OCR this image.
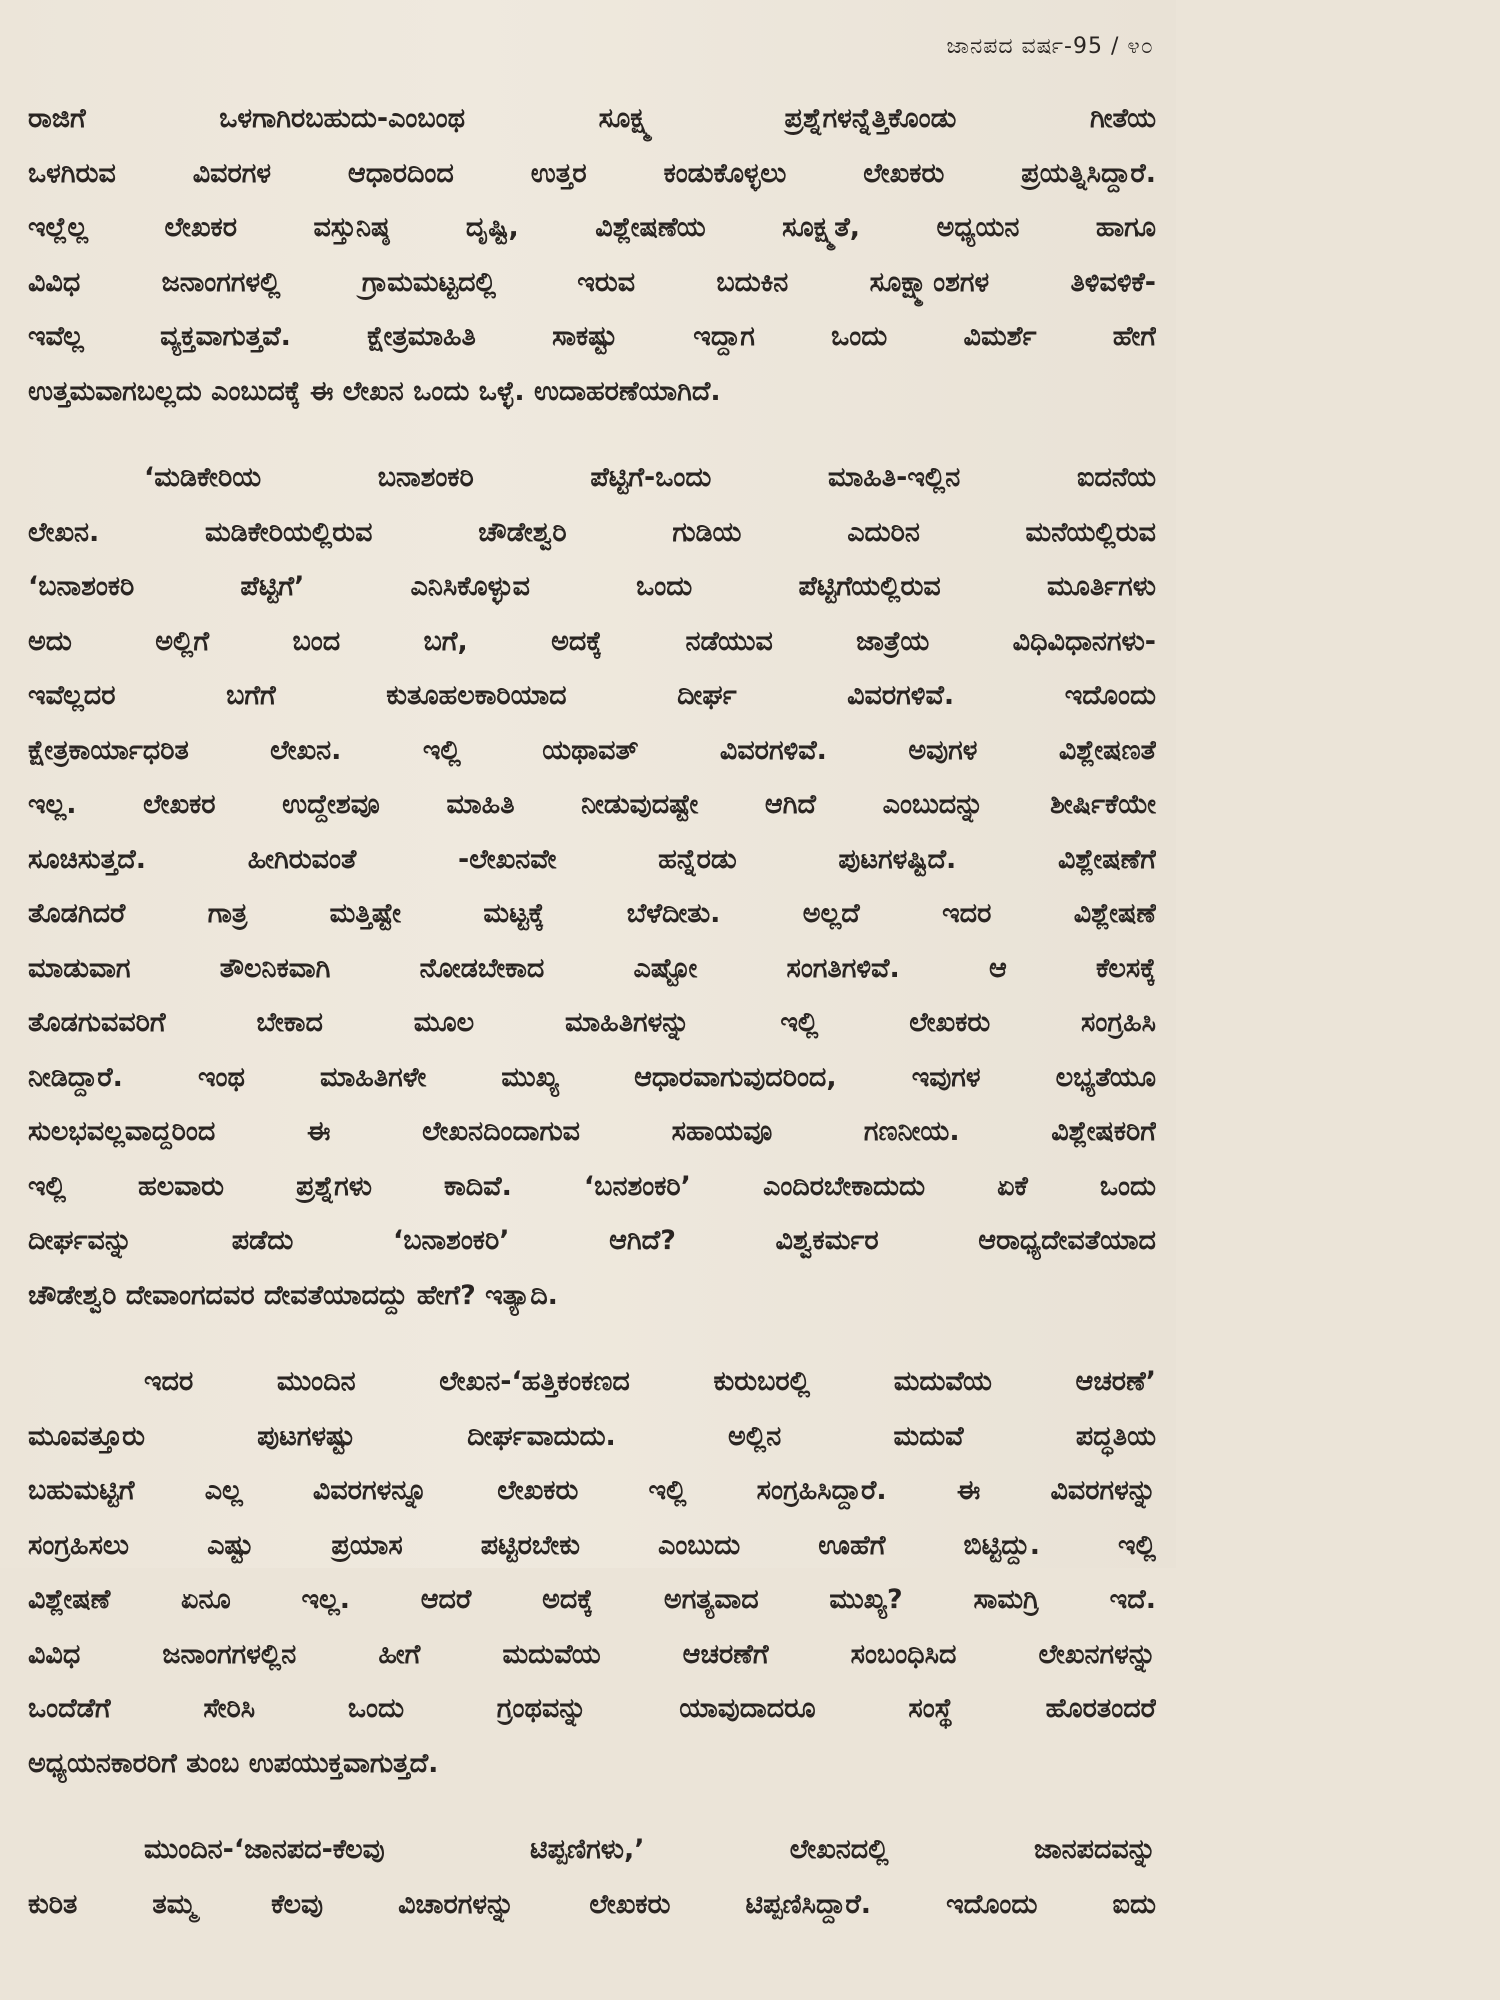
ಜಾನಪದ ವರ್ಷ-95 / ೪೦
ರಾಜಿಗೆ ಒಳಗಾಗಿರಬಹುದು-ಎಂಬಂಥ ಸೂಕ್ಷ್ಮ ಪ್ರಶ್ನೆಗಳನ್ನೆತ್ತಿಕೊಂಡು ಗೀತೆಯ
ಒಳಗಿರುವ ವಿವರಗಳ ಆಧಾರದಿಂದ ಉತ್ತರ ಕಂಡುಕೊಳ್ಳಲು ಲೇಖಕರು ಪ್ರಯತ್ನಿಸಿದ್ದಾರೆ.
ಇಲ್ಲೆಲ್ಲ ಲೇಖಕರ ವಸ್ತುನಿಷ್ಠ ದೃಷ್ಟಿ, ವಿಶ್ಲೇಷಣೆಯ ಸೂಕ್ಷ್ಮತೆ, ಅಧ್ಯಯನ ಹಾಗೂ
ವಿವಿಧ ಜನಾಂಗಗಳಲ್ಲಿ ಗ್ರಾಮಮಟ್ಟದಲ್ಲಿ ಇರುವ ಬದುಕಿನ ಸೂಕ್ಷ್ಮಾಂಶಗಳ ತಿಳಿವಳಿಕೆ-
ಇವೆಲ್ಲ ವ್ಯಕ್ತವಾಗುತ್ತವೆ. ಕ್ಷೇತ್ರಮಾಹಿತಿ ಸಾಕಷ್ಟು ಇದ್ದಾಗ ಒಂದು ವಿಮರ್ಶೆ ಹೇಗೆ
ಉತ್ತಮವಾಗಬಲ್ಲದು ಎಂಬುದಕ್ಕೆ ಈ ಲೇಖನ ಒಂದು ಒಳ್ಳೆ. ಉದಾಹರಣೆಯಾಗಿದೆ.
‘ಮಡಿಕೇರಿಯ ಬನಾಶಂಕರಿ ಪೆಟ್ಟಿಗೆ-ಒಂದು ಮಾಹಿತಿ-ಇಲ್ಲಿನ ಐದನೆಯ
ಲೇಖನ. ಮಡಿಕೇರಿಯಲ್ಲಿರುವ ಚೌಡೇಶ್ವರಿ ಗುಡಿಯ ಎದುರಿನ ಮನೆಯಲ್ಲಿರುವ
‘ಬನಾಶಂಕರಿ ಪೆಟ್ಟಿಗೆ’ ಎನಿಸಿಕೊಳ್ಳುವ ಒಂದು ಪೆಟ್ಟಿಗೆಯಲ್ಲಿರುವ ಮೂರ್ತಿಗಳು
ಅದು ಅಲ್ಲಿಗೆ ಬಂದ ಬಗೆ, ಅದಕ್ಕೆ ನಡೆಯುವ ಜಾತ್ರೆಯ ವಿಧಿವಿಧಾನಗಳು-
ಇವೆಲ್ಲದರ ಬಗೆಗೆ ಕುತೂಹಲಕಾರಿಯಾದ ದೀರ್ಘ ವಿವರಗಳಿವೆ. ಇದೊಂದು
ಕ್ಷೇತ್ರಕಾರ್ಯಾಧರಿತ ಲೇಖನ. ಇಲ್ಲಿ ಯಥಾವತ್ ವಿವರಗಳಿವೆ. ಅವುಗಳ ವಿಶ್ಲೇಷಣತೆ
ಇಲ್ಲ. ಲೇಖಕರ ಉದ್ದೇಶವೂ ಮಾಹಿತಿ ನೀಡುವುದಷ್ಟೇ ಆಗಿದೆ ಎಂಬುದನ್ನು ಶೀರ್ಷಿಕೆಯೇ
ಸೂಚಿಸುತ್ತದೆ. ಹೀಗಿರುವಂತೆ -ಲೇಖನವೇ ಹನ್ನೆರಡು ಪುಟಗಳಷ್ಟಿದೆ. ವಿಶ್ಲೇಷಣೆಗೆ
ತೊಡಗಿದರೆ ಗಾತ್ರ ಮತ್ತಿಷ್ಟೇ ಮಟ್ಟಕ್ಕೆ ಬೆಳೆದೀತು. ಅಲ್ಲದೆ ಇದರ ವಿಶ್ಲೇಷಣೆ
ಮಾಡುವಾಗ ತೌಲನಿಕವಾಗಿ ನೋಡಬೇಕಾದ ಎಷ್ಟೋ ಸಂಗತಿಗಳಿವೆ. ಆ ಕೆಲಸಕ್ಕೆ
ತೊಡಗುವವರಿಗೆ ಬೇಕಾದ ಮೂಲ ಮಾಹಿತಿಗಳನ್ನು ಇಲ್ಲಿ ಲೇಖಕರು ಸಂಗ್ರಹಿಸಿ
ನೀಡಿದ್ದಾರೆ. ಇಂಥ ಮಾಹಿತಿಗಳೇ ಮುಖ್ಯ ಆಧಾರವಾಗುವುದರಿಂದ, ಇವುಗಳ ಲಭ್ಯತೆಯೂ
ಸುಲಭವಲ್ಲವಾದ್ದರಿಂದ ಈ ಲೇಖನದಿಂದಾಗುವ ಸಹಾಯವೂ ಗಣನೀಯ. ವಿಶ್ಲೇಷಕರಿಗೆ
ಇಲ್ಲಿ ಹಲವಾರು ಪ್ರಶ್ನೆಗಳು ಕಾದಿವೆ. ‘ಬನಶಂಕರಿ’ ಎಂದಿರಬೇಕಾದುದು ಏಕೆ ಒಂದು
ದೀರ್ಘವನ್ನು ಪಡೆದು ‘ಬನಾಶಂಕರಿ’ ಆಗಿದೆ? ವಿಶ್ವಕರ್ಮರ ಆರಾಧ್ಯದೇವತೆಯಾದ
ಚೌಡೇಶ್ವರಿ ದೇವಾಂಗದವರ ದೇವತೆಯಾದದ್ದು ಹೇಗೆ? ಇತ್ಯಾದಿ.
ಇದರ ಮುಂದಿನ ಲೇಖನ-‘ಹತ್ತಿಕಂಕಣದ ಕುರುಬರಲ್ಲಿ ಮದುವೆಯ ಆಚರಣೆ’
ಮೂವತ್ತೂರು ಪುಟಗಳಷ್ಟು ದೀರ್ಘವಾದುದು. ಅಲ್ಲಿನ ಮದುವೆ ಪದ್ಧತಿಯ
ಬಹುಮಟ್ಟಿಗೆ ಎಲ್ಲ ವಿವರಗಳನ್ನೂ ಲೇಖಕರು ಇಲ್ಲಿ ಸಂಗ್ರಹಿಸಿದ್ದಾರೆ. ಈ ವಿವರಗಳನ್ನು
ಸಂಗ್ರಹಿಸಲು ಎಷ್ಟು ಪ್ರಯಾಸ ಪಟ್ಟಿರಬೇಕು ಎಂಬುದು ಊಹೆಗೆ ಬಿಟ್ಟಿದ್ದು. ಇಲ್ಲಿ
ವಿಶ್ಲೇಷಣೆ ಏನೂ ಇಲ್ಲ. ಆದರೆ ಅದಕ್ಕೆ ಅಗತ್ಯವಾದ ಮುಖ್ಯ? ಸಾಮಗ್ರಿ ಇದೆ.
ವಿವಿಧ ಜನಾಂಗಗಳಲ್ಲಿನ ಹೀಗೆ ಮದುವೆಯ ಆಚರಣೆಗೆ ಸಂಬಂಧಿಸಿದ ಲೇಖನಗಳನ್ನು
ಒಂದೆಡೆಗೆ ಸೇರಿಸಿ ಒಂದು ಗ್ರಂಥವನ್ನು ಯಾವುದಾದರೂ ಸಂಸ್ಥೆ ಹೊರತಂದರೆ
ಅಧ್ಯಯನಕಾರರಿಗೆ ತುಂಬ ಉಪಯುಕ್ತವಾಗುತ್ತದೆ.
ಮುಂದಿನ-‘ಜಾನಪದ-ಕೆಲವು ಟಿಪ್ಪಣಿಗಳು,’ ಲೇಖನದಲ್ಲಿ ಜಾನಪದವನ್ನು
ಕುರಿತ ತಮ್ಮ ಕೆಲವು ವಿಚಾರಗಳನ್ನು ಲೇಖಕರು ಟಿಪ್ಪಣಿಸಿದ್ದಾರೆ. ಇದೊಂದು ಐದು
